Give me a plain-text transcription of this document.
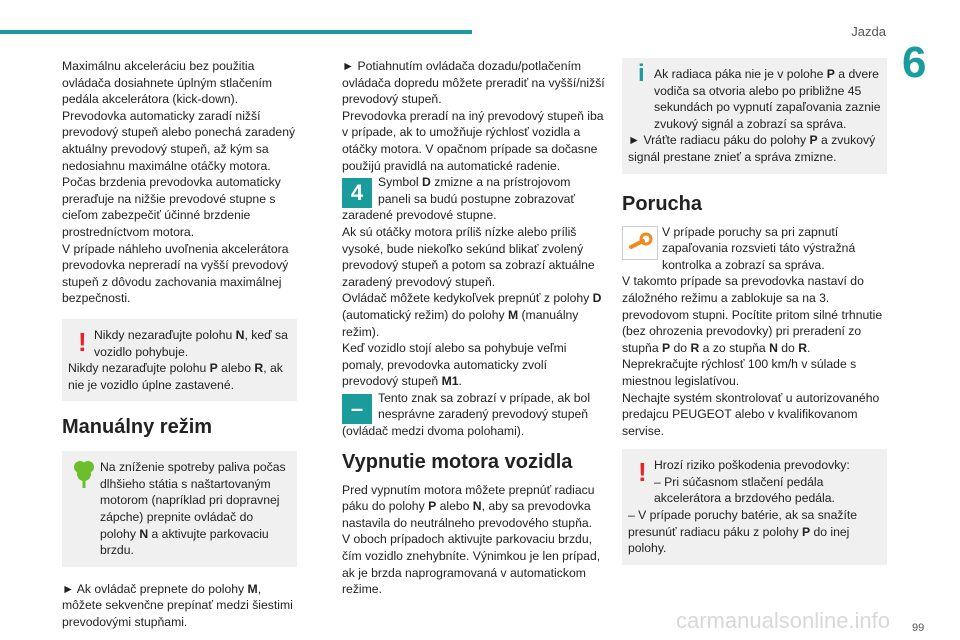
Jazda
6

Maximálnu akceleráciu bez použitia ovládača dosiahnete úplným stlačením pedála akcelerátora (kick-down). Prevodovka automaticky zaradí nižší prevodový stupeň alebo ponechá zaradený aktuálny prevodový stupeň, až kým sa nedosiahnu maximálne otáčky motora.

Počas brzdenia prevodovka automaticky preraďuje na nižšie prevodové stupne s cieľom zabezpečiť účinné brzdenie prostredníctvom motora.

V prípade náhleho uvoľnenia akcelerátora prevodovka nepreradí na vyšší prevodový stupeň z dôvodu zachovania maximálnej bezpečnosti.

! Nikdy nezaraďujte polohu N, keď sa vozidlo pohybuje.
Nikdy nezaraďujte polohu P alebo R, ak nie je vozidlo úplne zastavené.
Manuálny režim
Na zníženie spotreby paliva počas dlhšieho státia s naštartovaným motorom (napríklad pri dopravnej zápche) prepnite ovládač do polohy N a aktivujte parkovaciu brzdu.

► Ak ovládač prepnete do polohy M, môžete sekvenčne prepínať medzi šiestimi prevodovými stupňami.

► Potiahnutím ovládača dozadu/potlačením ovládača dopredu môžete preradiť na vyšší/nižší prevodový stupeň.

Prevodovka preradí na iný prevodový stupeň iba v prípade, ak to umožňuje rýchlosť vozidla a otáčky motora. V opačnom prípade sa dočasne použijú pravidlá na automatické radenie.

4	Symbol D zmizne a na prístrojovom paneli sa budú postupne zobrazovať zaradené prevodové stupne.

Ak sú otáčky motora príliš nízke alebo príliš vysoké, bude niekoľko sekúnd blikať zvolený prevodový stupeň a potom sa zobrazí aktuálne zaradený prevodový stupeň.

Ovládač môžete kedykoľvek prepnúť z polohy D (automatický režim) do polohy M (manuálny režim).

Keď vozidlo stojí alebo sa pohybuje veľmi pomaly, prevodovka automaticky zvolí prevodový stupeň M1.

–	Tento znak sa zobrazí v prípade, ak bol nesprávne zaradený prevodový stupeň (ovládač medzi dvoma polohami).
Vypnutie motora vozidla

Pred vypnutím motora môžete prepnúť radiacu páku do polohy P alebo N, aby sa prevodovka nastavila do neutrálneho prevodového stupňa.

V oboch prípadoch aktivujte parkovaciu brzdu, čím vozidlo znehybníte. Výnimkou je len prípad, ak je brzda naprogramovaná v automatickom režime.

i Ak radiaca páka nie je v polohe P a dvere vodiča sa otvoria alebo po približne 45 sekundách po vypnutí zapaľovania zaznie zvukový signál a zobrazí sa správa.
► Vráťte radiacu páku do polohy P a zvukový signál prestane znieť a správa zmizne.
Porucha
V prípade poruchy sa pri zapnutí zapaľovania rozsvieti táto výstražná kontrolka a zobrazí sa správa.

V takomto prípade sa prevodovka nastaví do záložného režimu a zablokuje sa na 3. prevodovom stupni. Pocítite pritom silné trhnutie (bez ohrozenia prevodovky) pri preradení zo stupňa P do R a zo stupňa N do R.

Neprekračujte rýchlosť 100 km/h v súlade s miestnou legislatívou.

Nechajte systém skontrolovať u autorizovaného predajcu PEUGEOT alebo v kvalifikovanom servise.

! Hrozí riziko poškodenia prevodovky:
– Pri súčasnom stlačení pedála akcelerátora a brzdového pedála.
– V prípade poruchy batérie, ak sa snažíte presunúť radiacu páku z polohy P do inej polohy.
carmanualsonline.info 99
